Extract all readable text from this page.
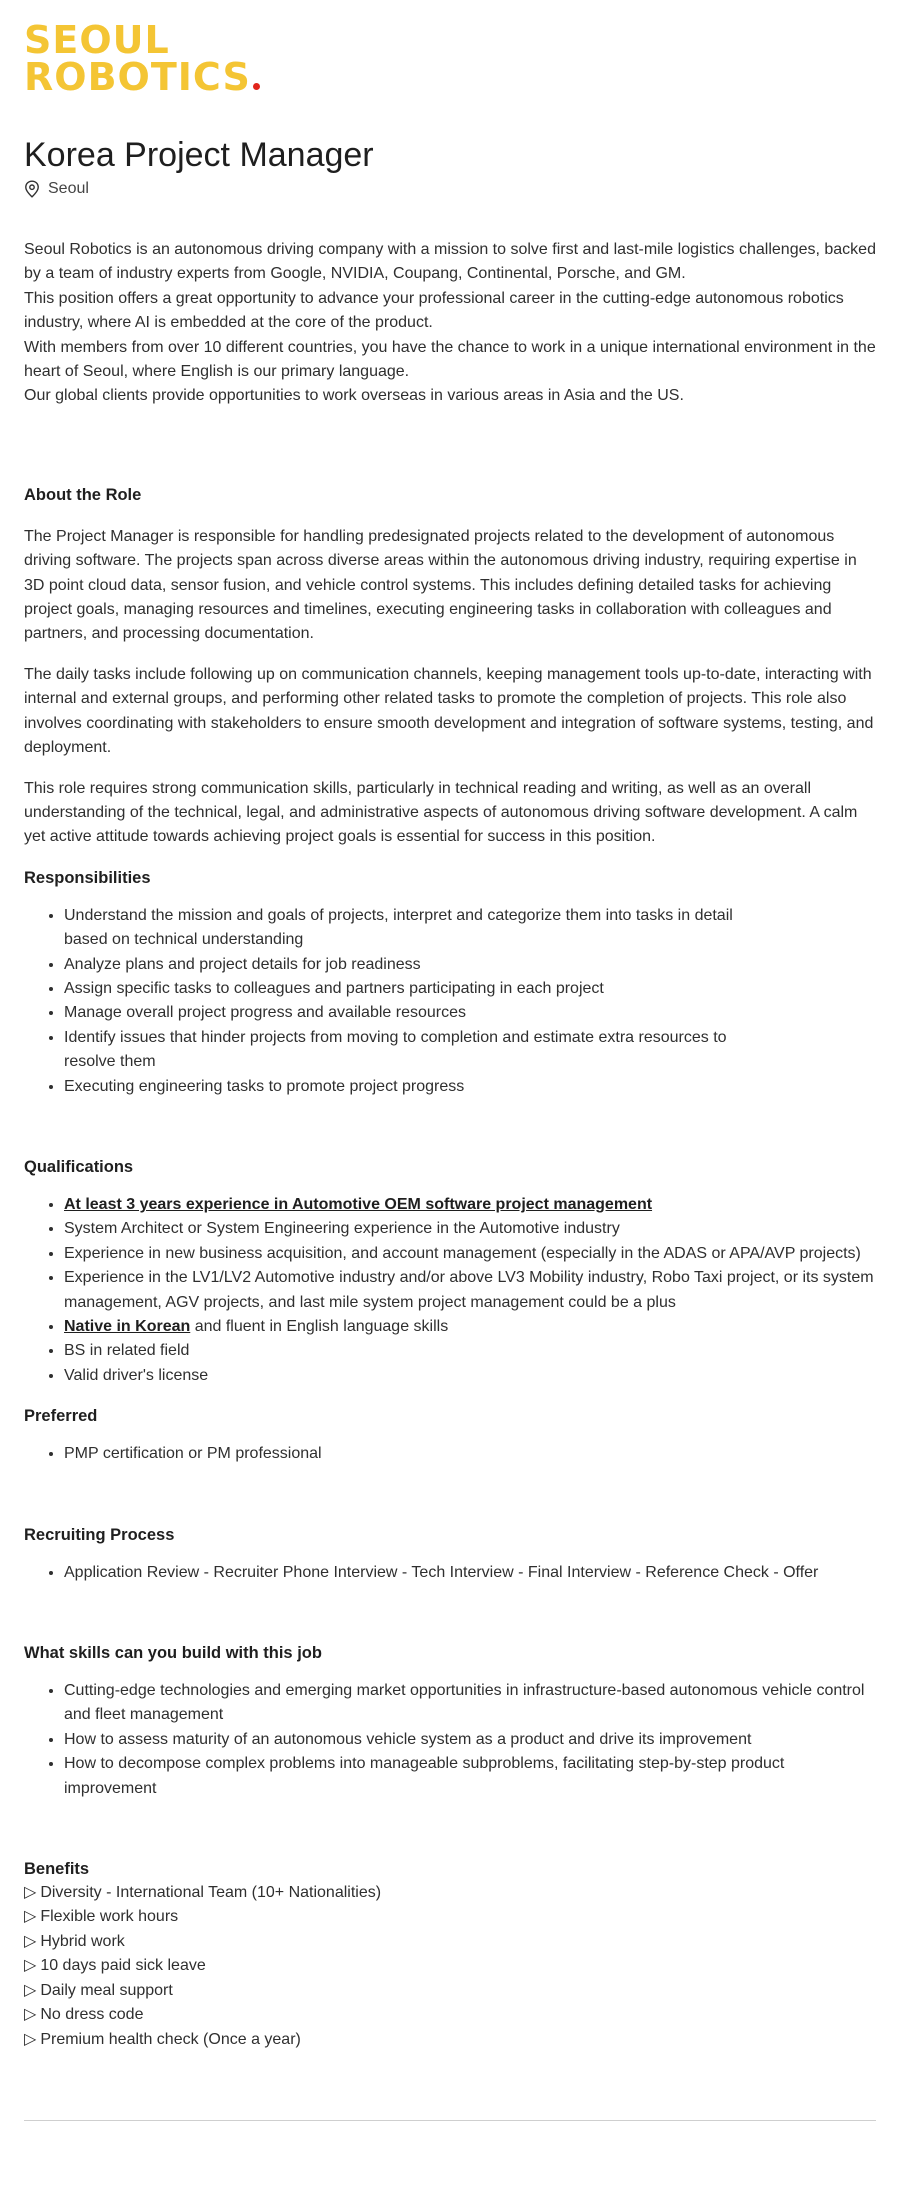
SEOUL
ROBOTICS
Korea Project Manager
Seoul

Seoul Robotics is an autonomous driving company with a mission to solve first and last-mile logistics challenges, backed by a team of industry experts from Google, NVIDIA, Coupang, Continental, Porsche, and GM.

This position offers a great opportunity to advance your professional career in the cutting-edge autonomous robotics industry, where AI is embedded at the core of the product.

With members from over 10 different countries, you have the chance to work in a unique international environment in the heart of Seoul, where English is our primary language.

Our global clients provide opportunities to work overseas in various areas in Asia and the US.

About the Role

The Project Manager is responsible for handling predesignated projects related to the development of autonomous driving software. The projects span across diverse areas within the autonomous driving industry, requiring expertise in 3D point cloud data, sensor fusion, and vehicle control systems. This includes defining detailed tasks for achieving project goals, managing resources and timelines, executing engineering tasks in collaboration with colleagues and partners, and processing documentation.

The daily tasks include following up on communication channels, keeping management tools up-to-date, interacting with internal and external groups, and performing other related tasks to promote the completion of projects. This role also involves coordinating with stakeholders to ensure smooth development and integration of software systems, testing, and deployment.

This role requires strong communication skills, particularly in technical reading and writing, as well as an overall understanding of the technical, legal, and administrative aspects of autonomous driving software development. A calm yet active attitude towards achieving project goals is essential for success in this position.

Responsibilities
• Understand the mission and goals of projects, interpret and categorize them into tasks in detail based on technical understanding
• Analyze plans and project details for job readiness
• Assign specific tasks to colleagues and partners participating in each project
• Manage overall project progress and available resources
• Identify issues that hinder projects from moving to completion and estimate extra resources to resolve them
• Executing engineering tasks to promote project progress
Qualifications
• At least 3 years experience in Automotive OEM software project management
• System Architect or System Engineering experience in the Automotive industry
• Experience in new business acquisition, and account management (especially in the ADAS or APA/AVP projects)
• Experience in the LV1/LV2 Automotive industry and/or above LV3 Mobility industry, Robo Taxi project, or its system management, AGV projects, and last mile system project management could be a plus
• Native in Korean and fluent in English language skills
• BS in related field
• Valid driver's license
Preferred
• PMP certification or PM professional
Recruiting Process
• Application Review - Recruiter Phone Interview - Tech Interview - Final Interview - Reference Check - Offer
What skills can you build with this job
• Cutting-edge technologies and emerging market opportunities in infrastructure-based autonomous vehicle control and fleet management
• How to assess maturity of an autonomous vehicle system as a product and drive its improvement
• How to decompose complex problems into manageable subproblems, facilitating step-by-step product improvement
Benefits
▷ Diversity - International Team (10+ Nationalities)
▷ Flexible work hours
▷ Hybrid work
▷ 10 days paid sick leave
▷ Daily meal support
▷ No dress code
▷ Premium health check (Once a year)
